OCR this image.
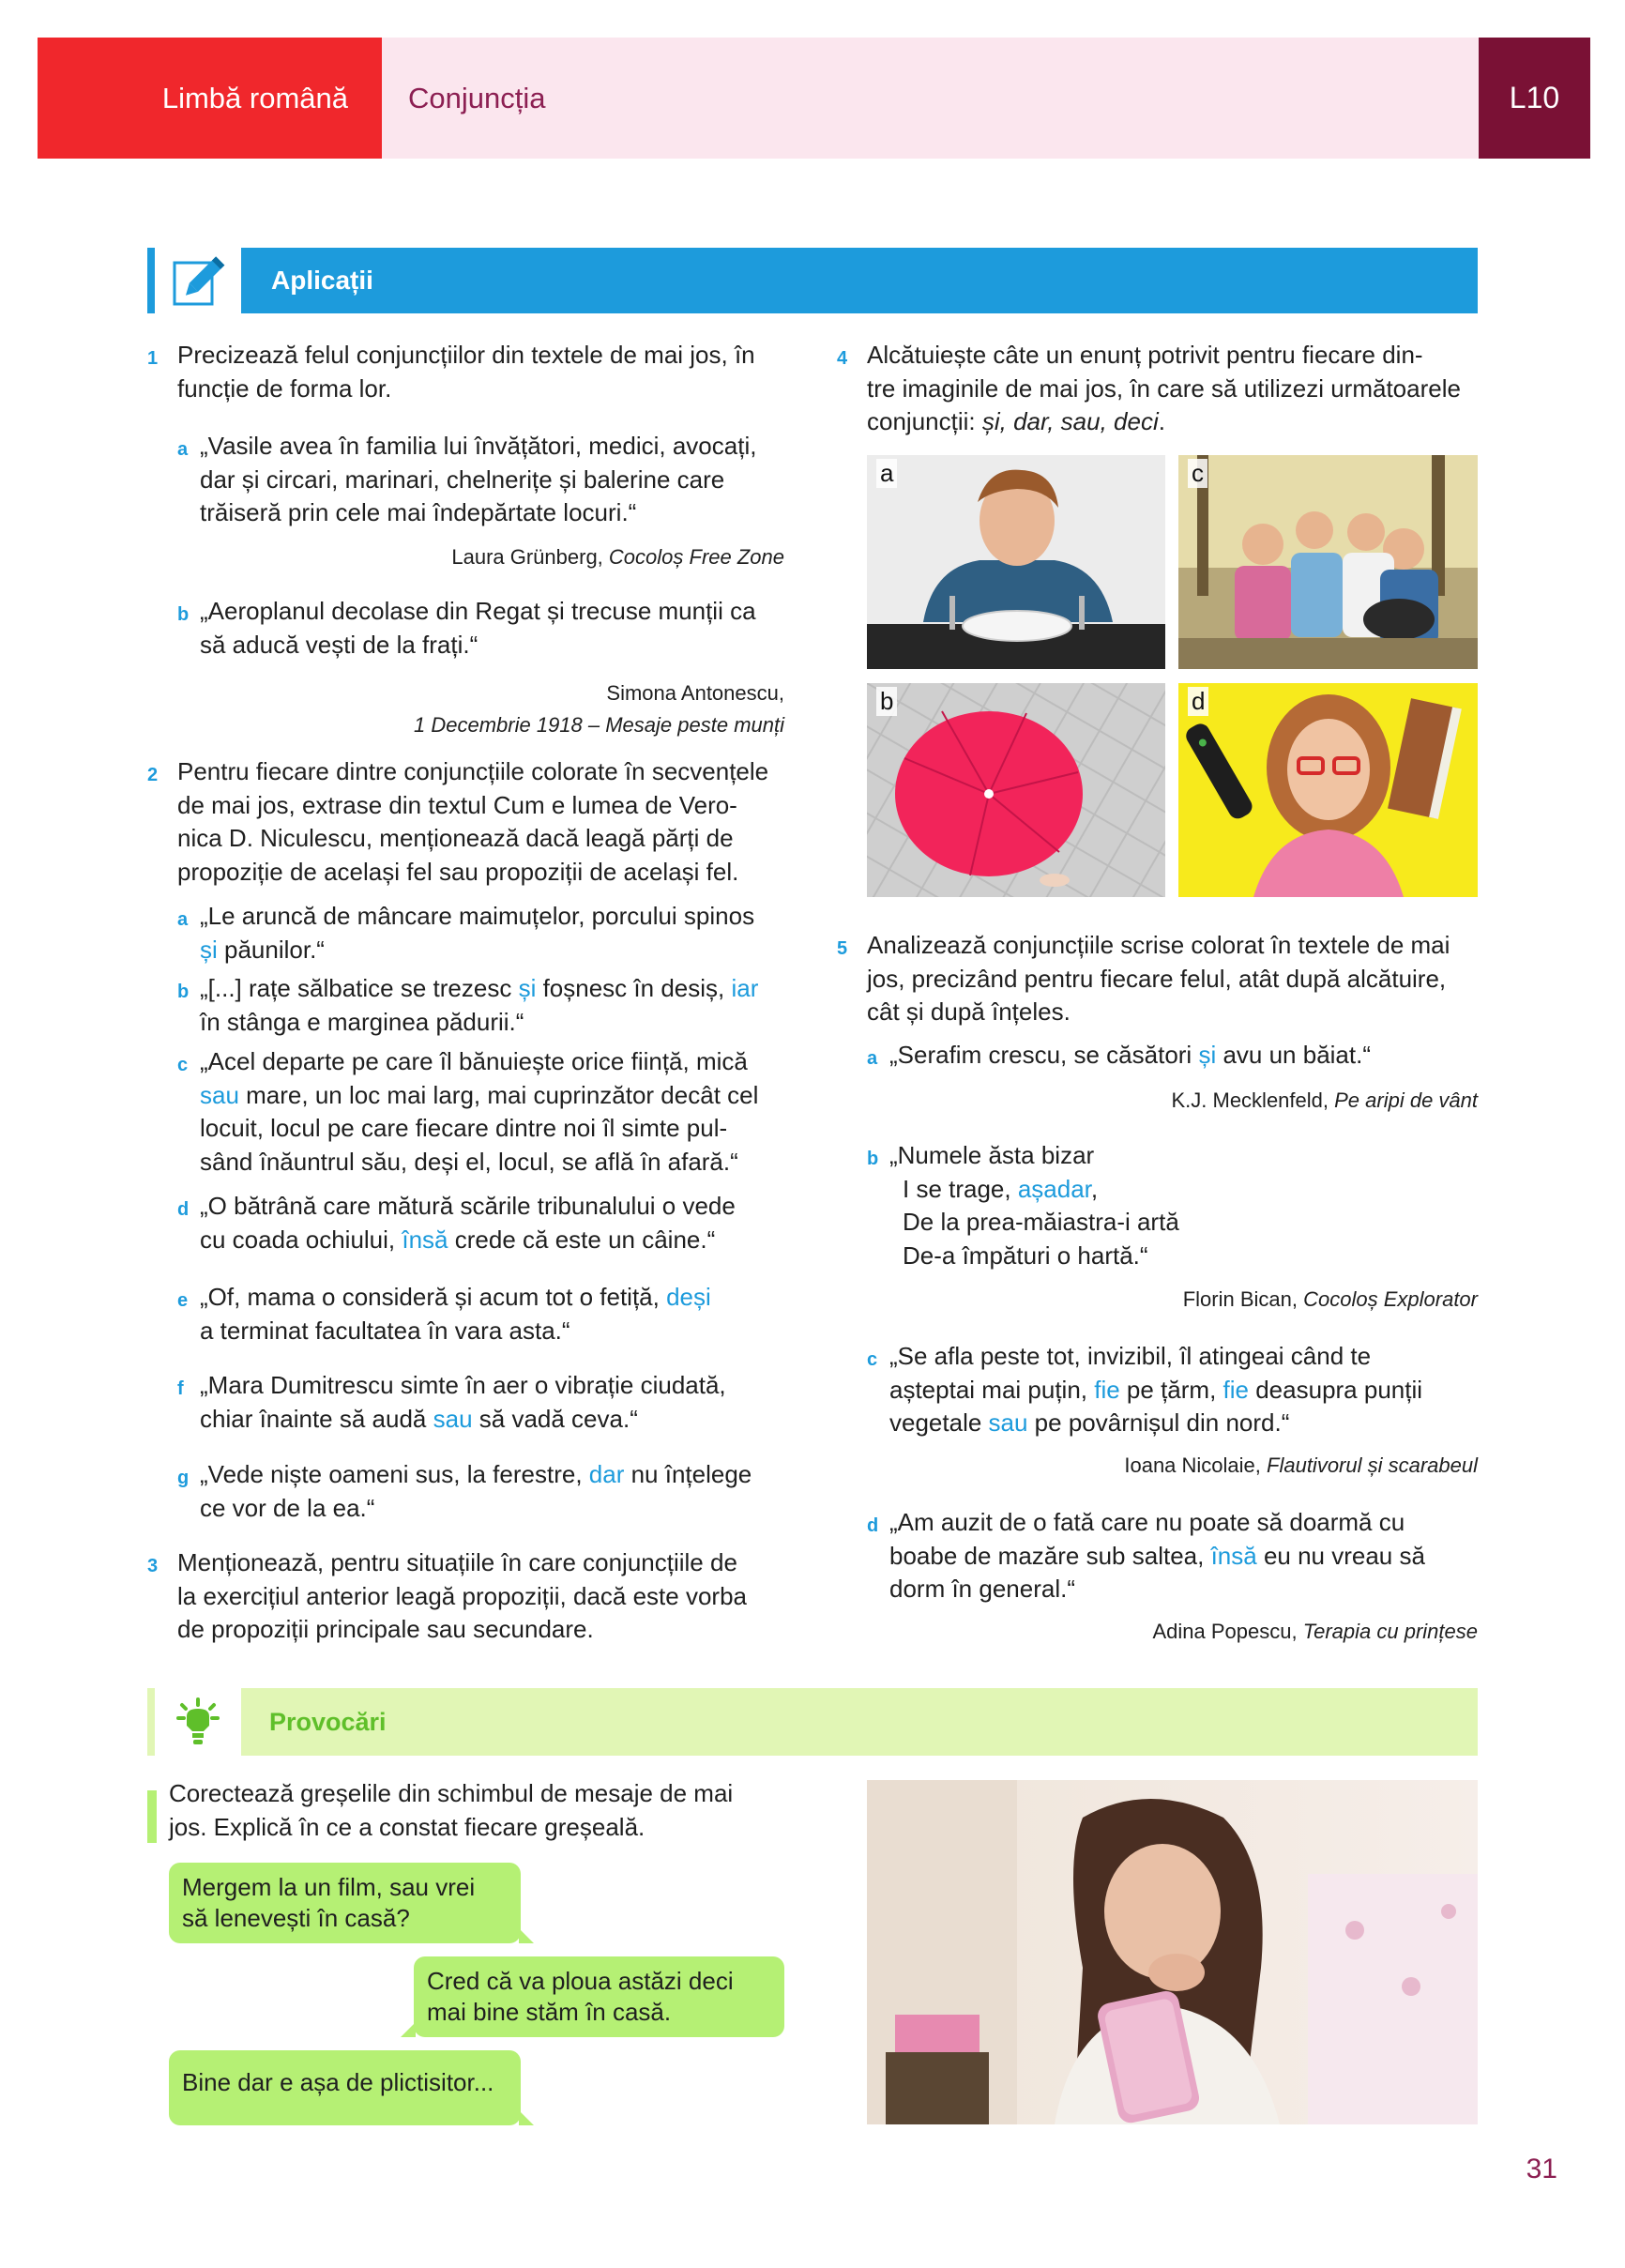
Limbă română	Conjuncția	L10
Aplicații
1 Precizează felul conjuncțiilor din textele de mai jos, în
funcție de forma lor.
a „Vasile avea în familia lui învățători, medici, avocați,
dar și circari, marinari, chelnerițe și balerine care
trăiseră prin cele mai îndepărtate locuri.“
Laura Grünberg, Cocoloș Free Zone
b „Aeroplanul decolase din Regat și trecuse munții ca
să aducă vești de la frați.“
Simona Antonescu,
1 Decembrie 1918 – Mesaje peste munți
2 Pentru fiecare dintre conjuncțiile colorate în secvențele
de mai jos, extrase din textul Cum e lumea de Vero-
nica D. Niculescu, menționează dacă leagă părți de
propoziție de același fel sau propoziții de același fel.
a „Le aruncă de mâncare maimuțelor, porcului spinos
și păunilor.“
b „[...] rațe sălbatice se trezesc și foșnesc în desiș, iar
în stânga e marginea pădurii.“
c „Acel departe pe care îl bănuiește orice ființă, mică
sau mare, un loc mai larg, mai cuprinzător decât cel
locuit, locul pe care fiecare dintre noi îl simte pul-
sând înăuntrul său, deși el, locul, se află în afară.“
d „O bătrână care mătură scările tribunalului o vede
cu coada ochiului, însă crede că este un câine.“
e „Of, mama o consideră și acum tot o fetiță, deși
a terminat facultatea în vara asta.“
f „Mara Dumitrescu simte în aer o vibrație ciudată,
chiar înainte să audă sau să vadă ceva.“
g „Vede niște oameni sus, la ferestre, dar nu înțelege
ce vor de la ea.“
3 Menționează, pentru situațiile în care conjuncțiile de
la exercițiul anterior leagă propoziții, dacă este vorba
de propoziții principale sau secundare.
4 Alcătuiește câte un enunț potrivit pentru fiecare din-
tre imaginile de mai jos, în care să utilizezi următoarele
conjuncții: și, dar, sau, deci.
a	c
b	d
5 Analizează conjuncțiile scrise colorat în textele de mai
jos, precizând pentru fiecare felul, atât după alcătuire,
cât și după înțeles.
a „Serafim crescu, se căsători și avu un băiat.“
K.J. Mecklenfeld, Pe aripi de vânt
b „Numele ăsta bizar
I se trage, așadar,
De la prea-măiastra-i artă
De-a împături o hartă.“
Florin Bican, Cocoloș Explorator
c „Se afla peste tot, invizibil, îl atingeai când te
așteptai mai puțin, fie pe țărm, fie deasupra punții
vegetale sau pe povârnișul din nord.“
Ioana Nicolaie, Flautivorul și scarabeul
d „Am auzit de o fată care nu poate să doarmă cu
boabe de mazăre sub saltea, însă eu nu vreau să
dorm în general.“
Adina Popescu, Terapia cu prințese
Provocări
Corectează greșelile din schimbul de mesaje de mai
jos. Explică în ce a constat fiecare greșeală.
Mergem la un film, sau vrei
să lenevești în casă?
Cred că va ploua astăzi deci
mai bine stăm în casă.
Bine dar e așa de plictisitor...
31
